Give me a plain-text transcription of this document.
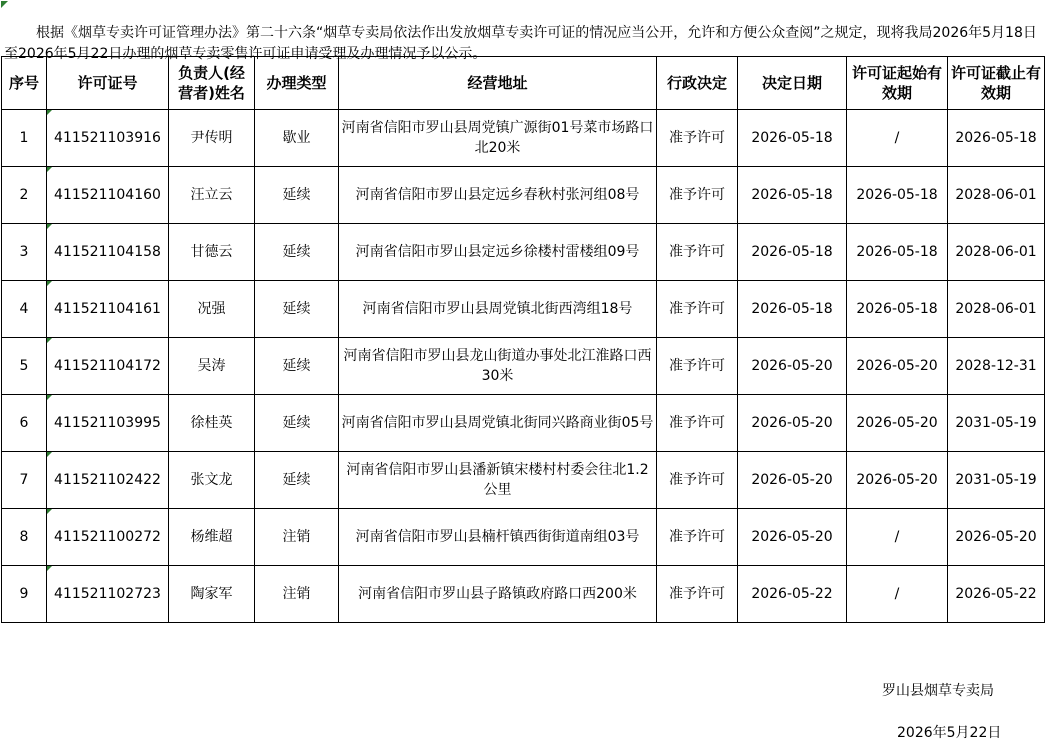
根据《烟草专卖许可证管理办法》第二十六条“烟草专卖局依法作出发放烟草专卖许可证的情况应当公开，允许和方便公众查阅”之规定，现将我局2026年5月18日至2026年5月22日办理的烟草专卖零售许可证申请受理及办理情况予以公示。

序号	许可证号	负责人(经营者)姓名	办理类型	经营地址	行政决定	决定日期	许可证起始有效期	许可证截止有效期
1	411521103916	尹传明	歇业	河南省信阳市罗山县周党镇广源街01号菜市场路口北20米	准予许可	2026-05-18	/	2026-05-18
2	411521104160	汪立云	延续	河南省信阳市罗山县定远乡春秋村张河组08号	准予许可	2026-05-18	2026-05-18	2028-06-01
3	411521104158	甘德云	延续	河南省信阳市罗山县定远乡徐楼村雷楼组09号	准予许可	2026-05-18	2026-05-18	2028-06-01
4	411521104161	况强	延续	河南省信阳市罗山县周党镇北街西湾组18号	准予许可	2026-05-18	2026-05-18	2028-06-01
5	411521104172	吴涛	延续	河南省信阳市罗山县龙山街道办事处北江淮路口西30米	准予许可	2026-05-20	2026-05-20	2028-12-31
6	411521103995	徐桂英	延续	河南省信阳市罗山县周党镇北街同兴路商业街05号	准予许可	2026-05-20	2026-05-20	2031-05-19
7	411521102422	张文龙	延续	河南省信阳市罗山县潘新镇宋楼村村委会往北1.2公里	准予许可	2026-05-20	2026-05-20	2031-05-19
8	411521100272	杨维超	注销	河南省信阳市罗山县楠杆镇西街街道南组03号	准予许可	2026-05-20	/	2026-05-20
9	411521102723	陶家军	注销	河南省信阳市罗山县子路镇政府路口西200米	准予许可	2026-05-22	/	2026-05-22
罗山县烟草专卖局
2026年5月22日
